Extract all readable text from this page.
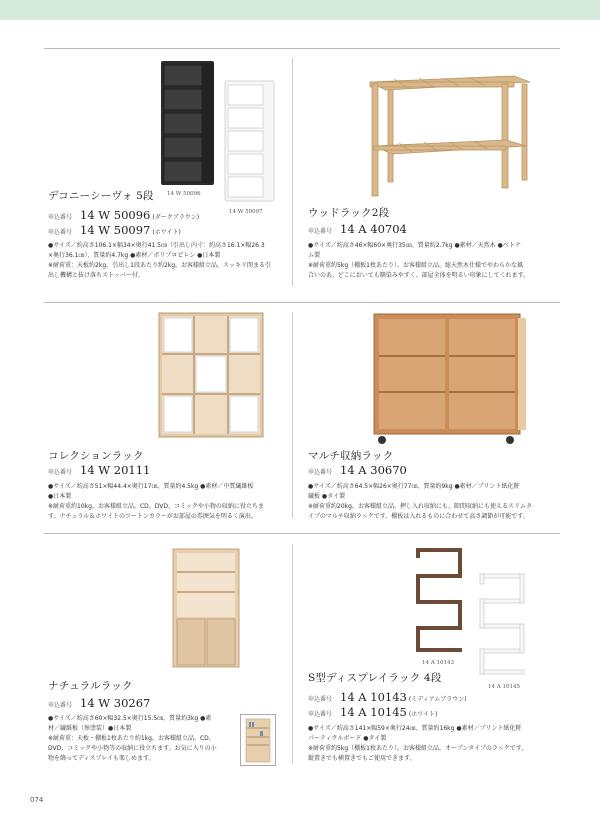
14 W 50096
14 W 50097
デコニーシーヴォ 5段
申込番号 14 W 50096 (ダークブラウン)
申込番号 14 W 50097 (ホワイト)

●サイズ／約高さ106.1×幅34×奥行41.5㎝（引出し内寸：約高さ16.1×幅26.3

×奥行36.1㎝）、質量約4.7kg ●素材／ポリプロピレン ●日本製

※耐荷重：天板約2kg、引出し1段あたり約2kg。お客様組立品。スッキリ閉まる引

出し機構と抜け落ちストッパー付。

ウッドラック2段
申込番号 14 A 40704

●サイズ／約高さ46×幅60×奥行35㎝、質量約2.7kg ●素材／天然木 ●ベトナ

ム製

※耐荷重約5kg（棚板1枚あたり）。お客様組立品。総天然木仕様でやわらかな風

合いのあ。どこにおいても馴染みやすく、部屋全体を明るい印象にしてくれます。

コレクションラック
申込番号 14 W 20111

●サイズ／約高さ51×幅44.4×奥行17㎝、質量約4.5kg ●素材／中質繊維板

●日本製

※耐荷重約10kg。お客様組立品。CD、DVD、コミックや小物の収納に役立ちま

す。ナチュラル＆ホワイトのツートンカラーがお部屋の雰囲気を明るく演出。

マルチ収納ラック
申込番号 14 A 30670

●サイズ／約高さ64.5×幅26×奥行77㎝、質量約9kg ●素材／プリント紙化粧

繊板 ●タイ製

※耐荷重約20kg。お客様組立品。押し入れ収納にも、隙間収納にも使えるスリムタ

イプのマルチ収納ラックです。棚板は入れるものに合わせて高さ調節が可能です。

ナチュラルラック
申込番号 14 W 30267

●サイズ／約高さ60×幅32.5×奥行15.5㎝、質量約3kg ●素

材／繊維板（無塗装）●日本製

※耐荷重：天板・棚板1枚あたり約1kg。お客様組立品。CD、

DVD、コミックや小物等の収納に役立ちます。お気に入りの小

物を飾ってディスプレイも楽しめます。

14 A 10143
14 A 10145
S型ディスプレイラック 4段
申込番号 14 A 10143 (ミディアムブラウン)
申込番号 14 A 10145 (ホワイト)

●サイズ／約高さ141×幅59×奥行24㎝、質量約16kg ●素材／プリント紙化粧

パーティクルボード ●タイ製

※耐荷重約5kg（棚板1枚あたり）。お客様組立品。オープンタイプのラックです。

縦置きでも横置きでもご使用できます。

074
